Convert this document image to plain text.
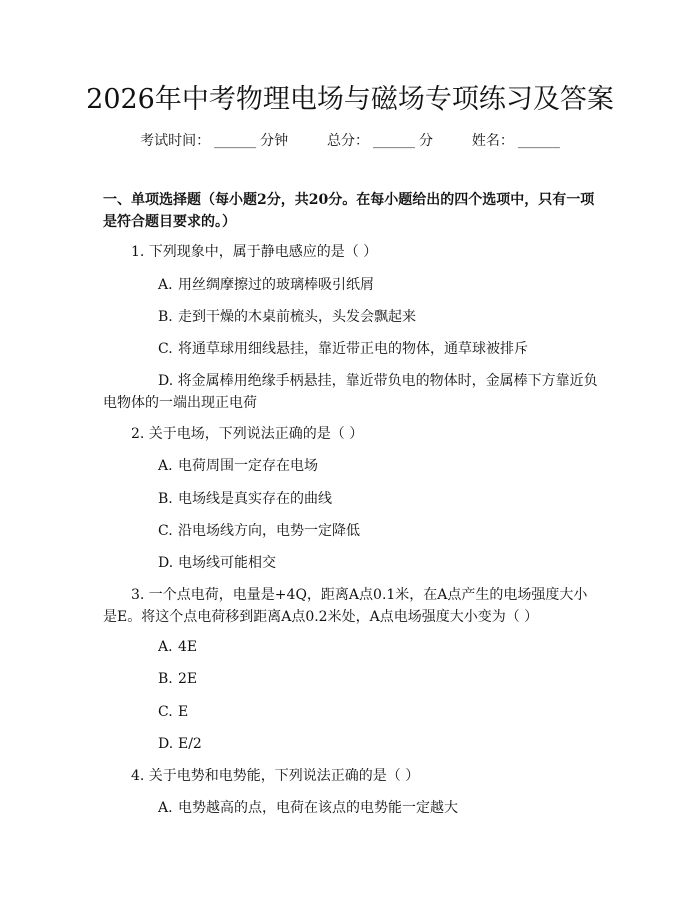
2026年中考物理电场与磁场专项练习及答案
考试时间： ______ 分钟	总分： ______ 分	姓名： ______
一、单项选择题（每小题2分，共20分。在每小题给出的四个选项中，只有一项是符合题目要求的。）
1. 下列现象中，属于静电感应的是（ ）
A. 用丝绸摩擦过的玻璃棒吸引纸屑
B. 走到干燥的木桌前梳头，头发会飘起来
C. 将通草球用细线悬挂，靠近带正电的物体，通草球被排斥
D. 将金属棒用绝缘手柄悬挂，靠近带负电的物体时，金属棒下方靠近负电物体的一端出现正电荷
2. 关于电场，下列说法正确的是（ ）
A. 电荷周围一定存在电场
B. 电场线是真实存在的曲线
C. 沿电场线方向，电势一定降低
D. 电场线可能相交
3. 一个点电荷，电量是+4Q，距离A点0.1米，在A点产生的电场强度大小是E。将这个点电荷移到距离A点0.2米处，A点电场强度大小变为（ ）
A. 4E
B. 2E
C. E
D. E/2
4. 关于电势和电势能，下列说法正确的是（ ）
A. 电势越高的点，电荷在该点的电势能一定越大
